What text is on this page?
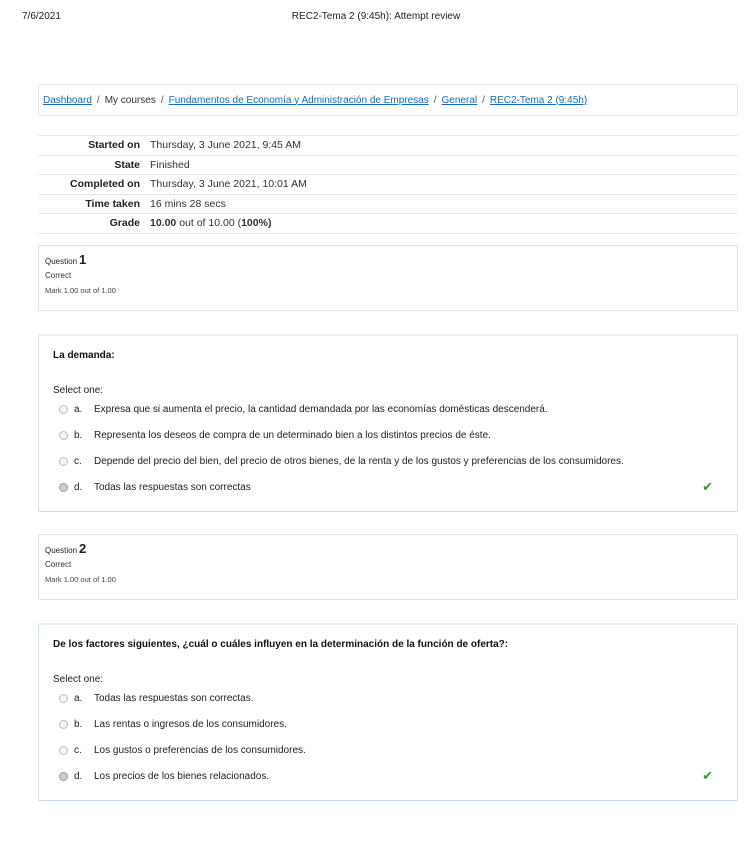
7/6/2021	REC2-Tema 2 (9:45h): Attempt review
Dashboard / My courses / Fundamentos de Economía y Administración de Empresas / General / REC2-Tema 2 (9:45h)
Started on	Thursday, 3 June 2021, 9:45 AM
State	Finished
Completed on	Thursday, 3 June 2021, 10:01 AM
Time taken	16 mins 28 secs
Grade	10.00 out of 10.00 (100%)
Question 1
Correct
Mark 1.00 out of 1.00
La demanda:
Select one:
a.	Expresa que si aumenta el precio, la cantidad demandada por las economías domésticas descenderá.
b.	Representa los deseos de compra de un determinado bien a los distintos precios de éste.
c.	Depende del precio del bien, del precio de otros bienes, de la renta y de los gustos y preferencias de los consumidores.
d.	Todas las respuestas son correctas	✔
Question 2
Correct
Mark 1.00 out of 1.00
De los factores siguientes, ¿cuál o cuáles influyen en la determinación de la función de oferta?:
Select one:
a.	Todas las respuestas son correctas.
b.	Las rentas o ingresos de los consumidores.
c.	Los gustos o preferencias de los consumidores.
d.	Los precios de los bienes relacionados.	✔
